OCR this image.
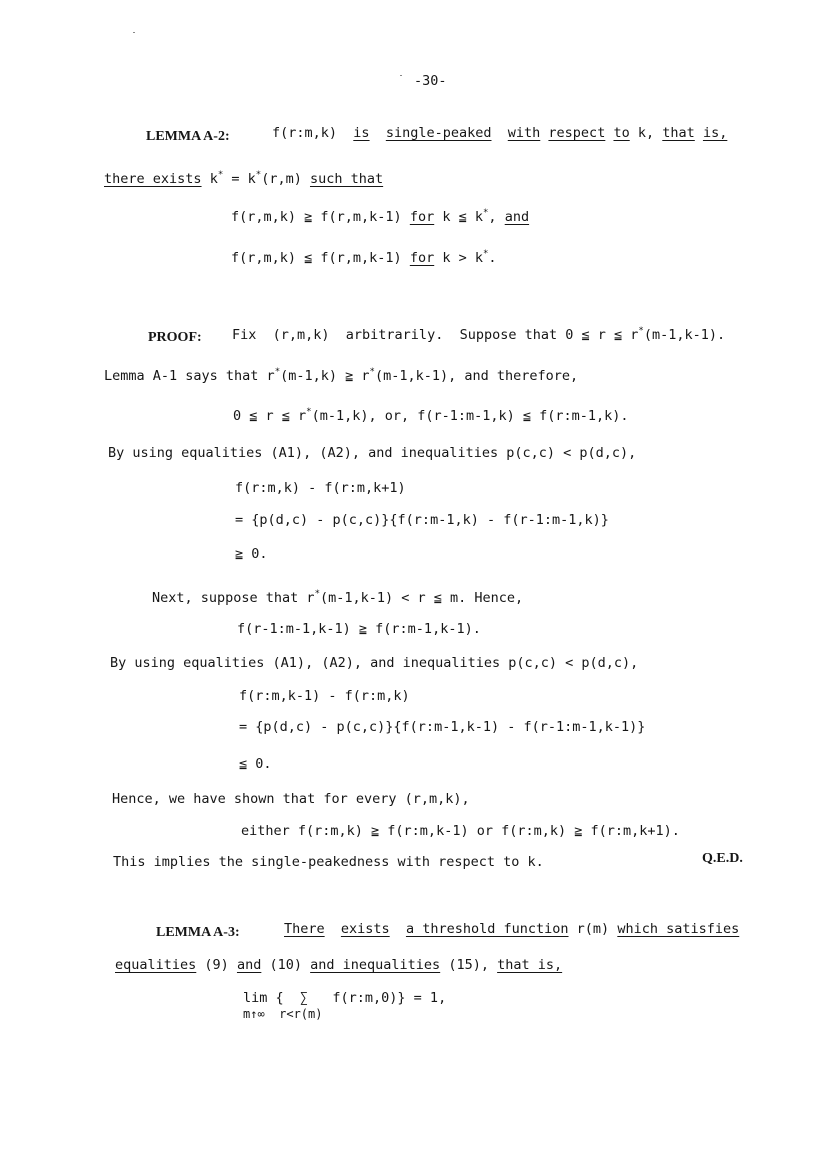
-30-
LEMMA A-2:	f(r:m,k) is single-peaked with respect to k, that is,
there exists k* = k*(r,m) such that
f(r,m,k) ≧ f(r,m,k-1) for k ≦ k*, and
f(r,m,k) ≦ f(r,m,k-1) for k > k*.
PROOF: Fix  (r,m,k)  arbitrarily.  Suppose that 0 ≦ r ≦ r*(m-1,k-1).
Lemma A-1 says that r*(m-1,k) ≧ r*(m-1,k-1), and therefore,
0 ≦ r ≦ r*(m-1,k), or, f(r-1:m-1,k) ≦ f(r:m-1,k).
By using equalities (A1), (A2), and inequalities p(c,c) < p(d,c),
f(r:m,k) - f(r:m,k+1)
= {p(d,c) - p(c,c)}{f(r:m-1,k) - f(r-1:m-1,k)}
≧ 0.
Next, suppose that r*(m-1,k-1) < r ≦ m. Hence,
f(r-1:m-1,k-1) ≧ f(r:m-1,k-1).
By using equalities (A1), (A2), and inequalities p(c,c) < p(d,c),
f(r:m,k-1) - f(r:m,k)
= {p(d,c) - p(c,c)}{f(r:m-1,k-1) - f(r-1:m-1,k-1)}
≦ 0.
Hence, we have shown that for every (r,m,k),
either f(r:m,k) ≧ f(r:m,k-1) or f(r:m,k) ≧ f(r:m,k+1).
This implies the single-peakedness with respect to k.	Q.E.D.
LEMMA A-3:	There exists a threshold function r(m) which satisfies
equalities (9) and (10) and inequalities (15), that is,
lim {  ∑   f(r:m,0)} = 1,
m↑∞  r<r(m)
